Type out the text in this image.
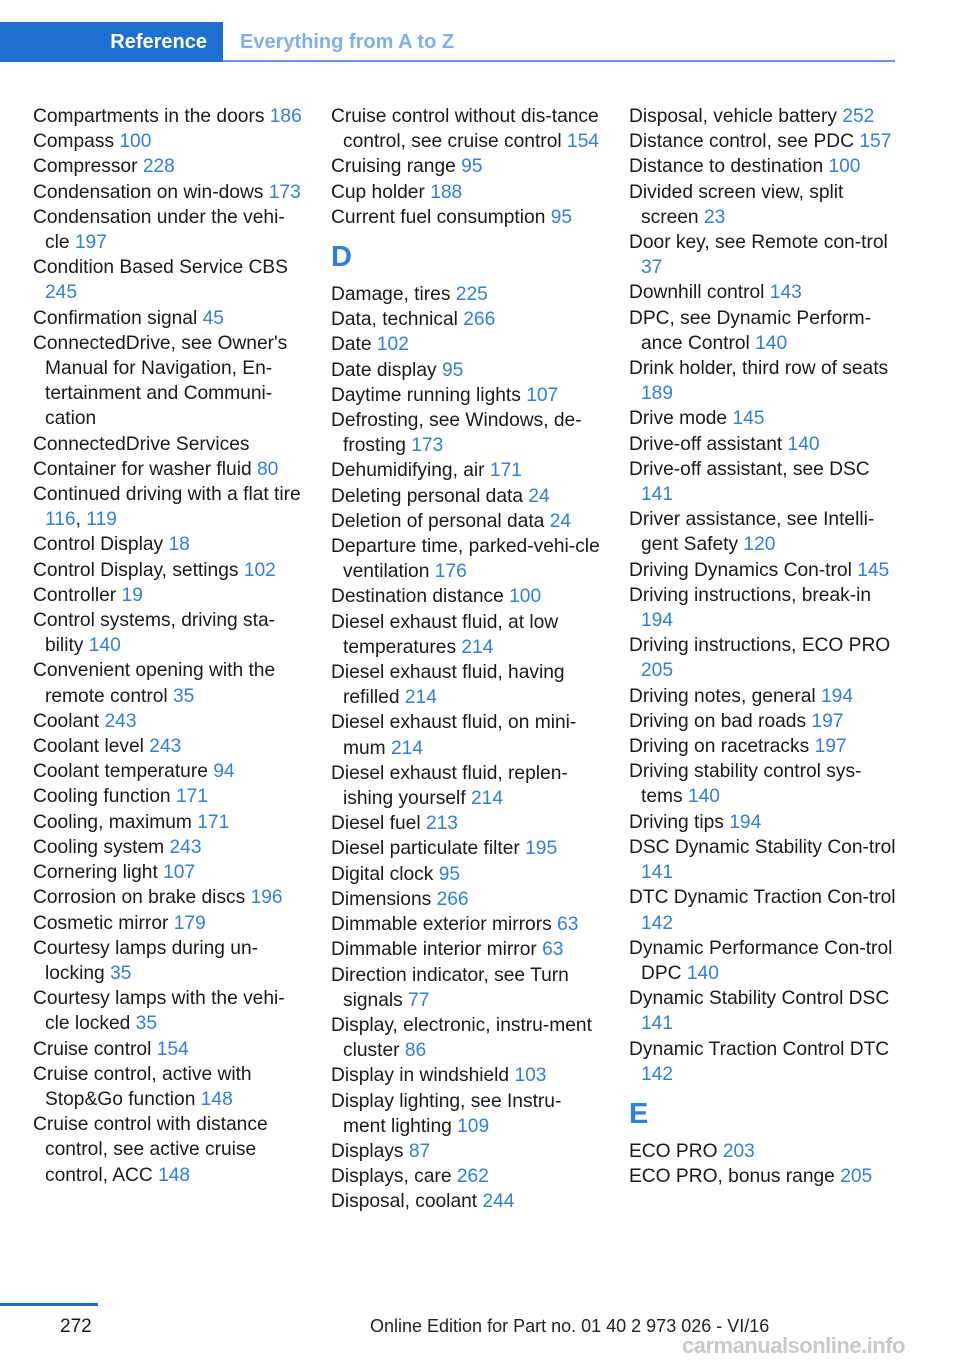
Reference	Everything from A to Z
Compartments in the doors 186
Compass 100
Compressor 228
Condensation on win-dows 173
Condensation under the vehi-cle 197
Condition Based Service CBS 245
Confirmation signal 45
ConnectedDrive, see Owner's Manual for Navigation, En-tertainment and Communi-cation
ConnectedDrive Services
Container for washer fluid 80
Continued driving with a flat tire 116, 119
Control Display 18
Control Display, settings 102
Controller 19
Control systems, driving sta-bility 140
Convenient opening with the remote control 35
Coolant 243
Coolant level 243
Coolant temperature 94
Cooling function 171
Cooling, maximum 171
Cooling system 243
Cornering light 107
Corrosion on brake discs 196
Cosmetic mirror 179
Courtesy lamps during un-locking 35
Courtesy lamps with the vehi-cle locked 35
Cruise control 154
Cruise control, active with Stop&Go function 148
Cruise control with distance control, see active cruise control, ACC 148
Cruise control without dis-tance control, see cruise control 154
Cruising range 95
Cup holder 188
Current fuel consumption 95
D
Damage, tires 225
Data, technical 266
Date 102
Date display 95
Daytime running lights 107
Defrosting, see Windows, de-frosting 173
Dehumidifying, air 171
Deleting personal data 24
Deletion of personal data 24
Departure time, parked-vehi-cle ventilation 176
Destination distance 100
Diesel exhaust fluid, at low temperatures 214
Diesel exhaust fluid, having refilled 214
Diesel exhaust fluid, on mini-mum 214
Diesel exhaust fluid, replen-ishing yourself 214
Diesel fuel 213
Diesel particulate filter 195
Digital clock 95
Dimensions 266
Dimmable exterior mirrors 63
Dimmable interior mirror 63
Direction indicator, see Turn signals 77
Display, electronic, instru-ment cluster 86
Display in windshield 103
Display lighting, see Instru-ment lighting 109
Displays 87
Displays, care 262
Disposal, coolant 244
Disposal, vehicle battery 252
Distance control, see PDC 157
Distance to destination 100
Divided screen view, split screen 23
Door key, see Remote con-trol 37
Downhill control 143
DPC, see Dynamic Perform-ance Control 140
Drink holder, third row of seats 189
Drive mode 145
Drive-off assistant 140
Drive-off assistant, see DSC 141
Driver assistance, see Intelli-gent Safety 120
Driving Dynamics Con-trol 145
Driving instructions, break-in 194
Driving instructions, ECO PRO 205
Driving notes, general 194
Driving on bad roads 197
Driving on racetracks 197
Driving stability control sys-tems 140
Driving tips 194
DSC Dynamic Stability Con-trol 141
DTC Dynamic Traction Con-trol 142
Dynamic Performance Con-trol DPC 140
Dynamic Stability Control DSC 141
Dynamic Traction Control DTC 142
E
ECO PRO 203
ECO PRO, bonus range 205
272	Online Edition for Part no. 01 40 2 973 026 - VI/16
carmanualsonline.info
